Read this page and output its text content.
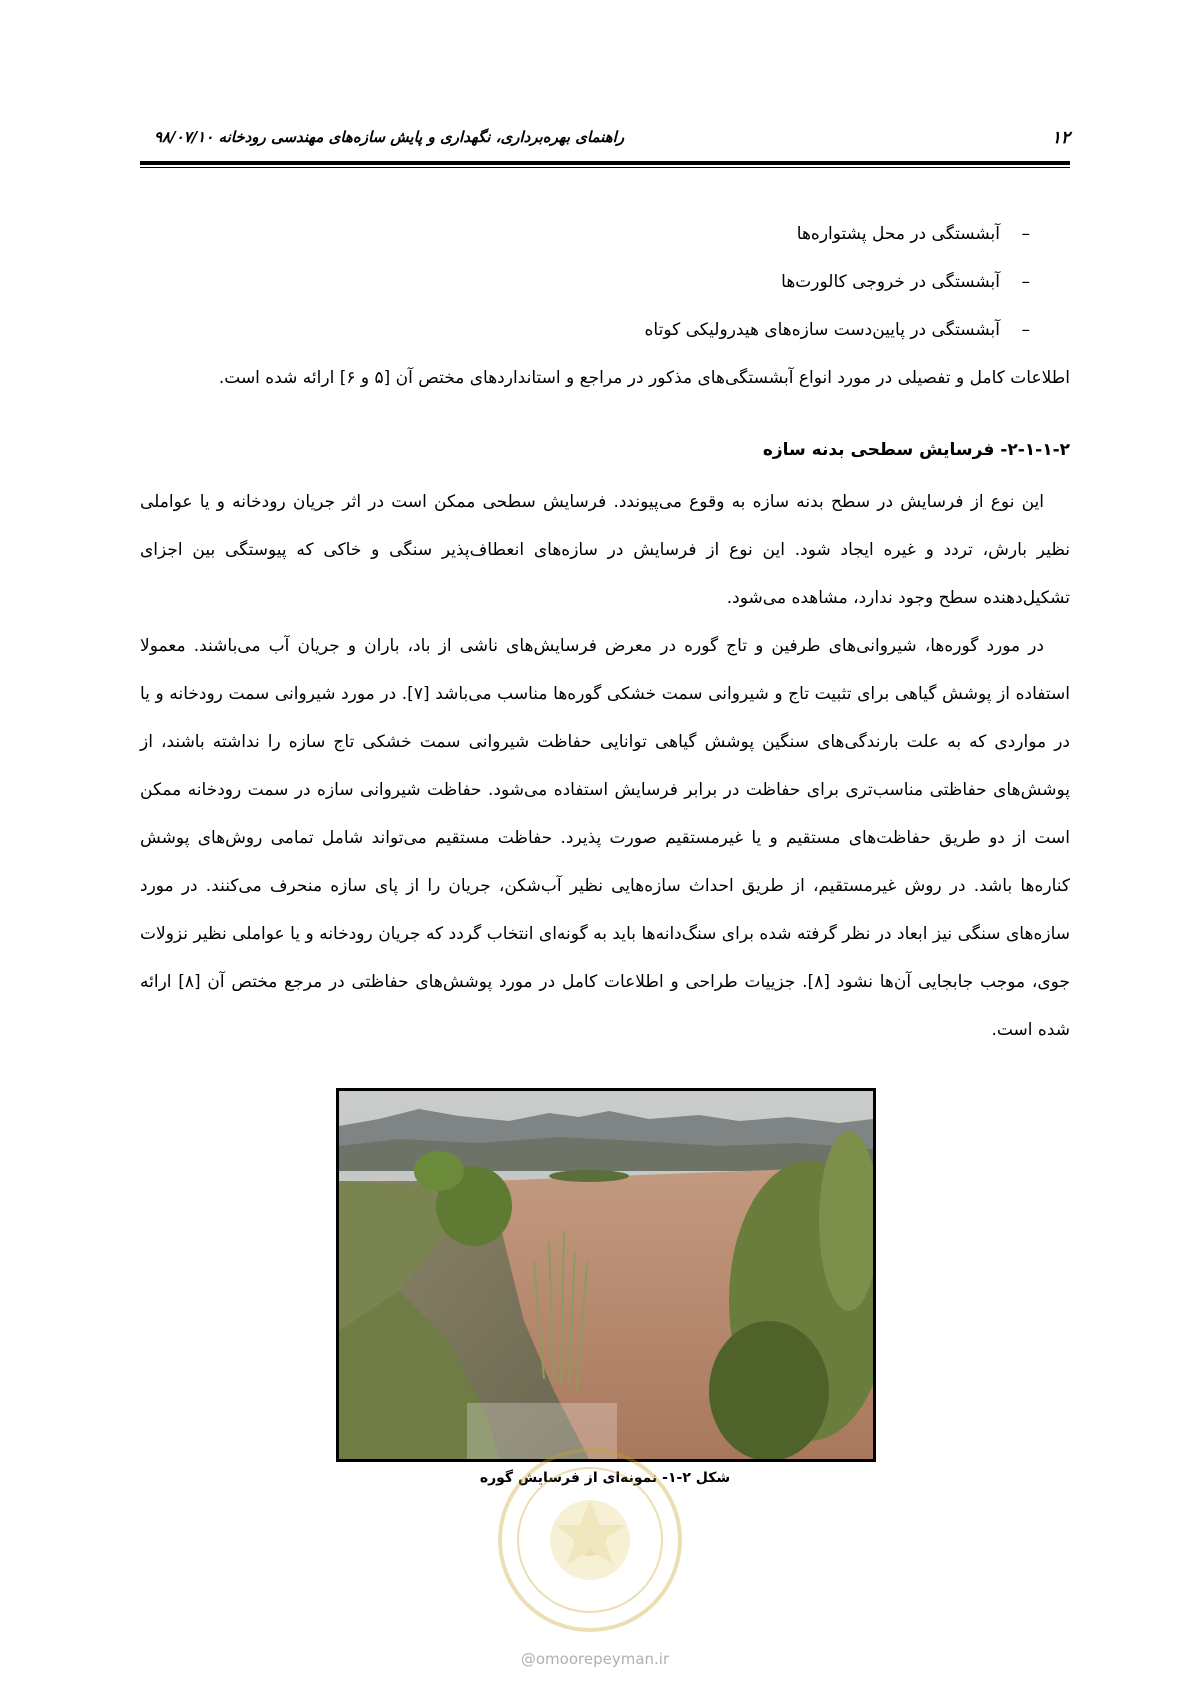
۱۲
راهنمای بهره‌برداری، نگهداری و پایش سازه‌های مهندسی رودخانه ۹۸/۰۷/۱۰
–آبشستگی در محل پشتواره‌ها
–آبشستگی در خروجی کالورت‌ها
–آبشستگی در پایین‌دست سازه‌های هیدرولیکی کوتاه

اطلاعات کامل و تفصیلی در مورد انواع آبشستگی‌های مذکور در مراجع و استانداردهای مختص آن [۵ و ۶] ارائه شده است.

۲-۱-۱-۲- فرسایش سطحی بدنه سازه

این نوع از فرسایش در سطح بدنه سازه به وقوع می‌پیوندد. فرسایش سطحی ممکن است در اثر جریان رودخانه و یا عواملی نظیر بارش، تردد و غیره ایجاد شود. این نوع از فرسایش در سازه‌های انعطاف‌پذیر سنگی و خاکی که پیوستگی بین اجزای تشکیل‌دهنده سطح وجود ندارد، مشاهده می‌شود.

در مورد گوره‌ها، شیروانی‌های طرفین و تاج گوره در معرض فرسایش‌های ناشی از باد، باران و جریان آب می‌باشند. معمولا استفاده از پوشش گیاهی برای تثبیت تاج و شیروانی سمت خشکی گوره‌ها مناسب می‌باشد [۷]. در مورد شیروانی سمت رودخانه و یا در مواردی که به علت بارندگی‌های سنگین پوشش گیاهی توانایی حفاظت شیروانی سمت خشکی تاج سازه را نداشته باشند، از پوشش‌های حفاظتی مناسب‌تری برای حفاظت در برابر فرسایش استفاده می‌شود. حفاظت شیروانی سازه در سمت رودخانه ممکن است از دو طریق حفاظت‌های مستقیم و یا غیرمستقیم صورت پذیرد. حفاظت مستقیم می‌تواند شامل تمامی روش‌های پوشش کناره‌ها باشد. در روش غیرمستقیم، از طریق احداث سازه‌هایی نظیر آب‌شکن، جریان را از پای سازه منحرف می‌کنند. در مورد سازه‌های سنگی نیز ابعاد در نظر گرفته شده برای سنگ‌دانه‌ها باید به گونه‌ای انتخاب گردد که جریان رودخانه و یا عواملی نظیر نزولات جوی، موجب جابجایی آن‌ها نشود [۸]. جزییات طراحی و اطلاعات کامل در مورد پوشش‌های حفاظتی در مرجع مختص آن [۸] ارائه شده است.

شکل ۲-۱- نمونه‌ای از فرسایش گوره
@omoorepeyman.ir
